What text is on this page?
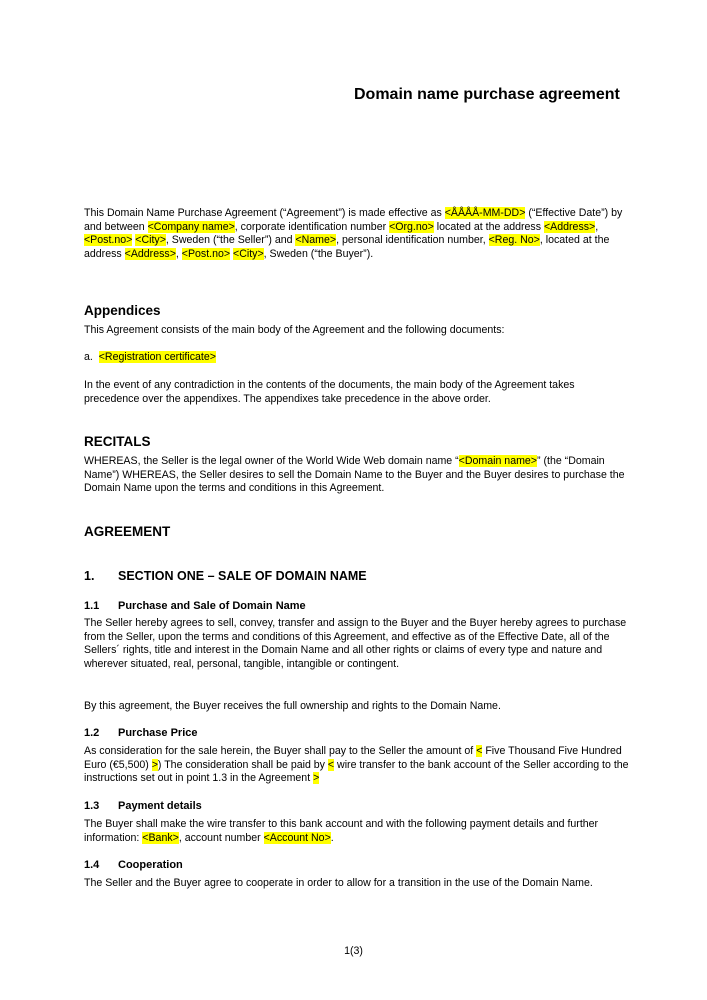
Domain name purchase agreement
This Domain Name Purchase Agreement (“Agreement”) is made effective as <ÅÅÅÅ-MM-DD> (“Effective Date”) by and between <Company name>, corporate identification number <Org.no> located at the address <Address>, <Post.no> <City>, Sweden (“the Seller”) and <Name>, personal identification number, <Reg. No>, located at the address <Address>, <Post.no> <City>, Sweden (“the Buyer”).
Appendices
This Agreement consists of the main body of the Agreement and the following documents:
a. <Registration certificate>
In the event of any contradiction in the contents of the documents, the main body of the Agreement takes precedence over the appendixes. The appendixes take precedence in the above order.
RECITALS
WHEREAS, the Seller is the legal owner of the World Wide Web domain name “<Domain name>” (the “Domain Name”) WHEREAS, the Seller desires to sell the Domain Name to the Buyer and the Buyer desires to purchase the Domain Name upon the terms and conditions in this Agreement.
AGREEMENT
1. SECTION ONE – SALE OF DOMAIN NAME
1.1 Purchase and Sale of Domain Name
The Seller hereby agrees to sell, convey, transfer and assign to the Buyer and the Buyer hereby agrees to purchase from the Seller, upon the terms and conditions of this Agreement, and effective as of the Effective Date, all of the Sellers´ rights, title and interest in the Domain Name and all other rights or claims of every type and nature and wherever situated, real, personal, tangible, intangible or contingent.
By this agreement, the Buyer receives the full ownership and rights to the Domain Name.
1.2 Purchase Price
As consideration for the sale herein, the Buyer shall pay to the Seller the amount of < Five Thousand Five Hundred Euro (€5,500) >) The consideration shall be paid by < wire transfer to the bank account of the Seller according to the instructions set out in point 1.3 in the Agreement >
1.3 Payment details
The Buyer shall make the wire transfer to this bank account and with the following payment details and further information: <Bank>, account number <Account No>.
1.4 Cooperation
The Seller and the Buyer agree to cooperate in order to allow for a transition in the use of the Domain Name.
1(3)
